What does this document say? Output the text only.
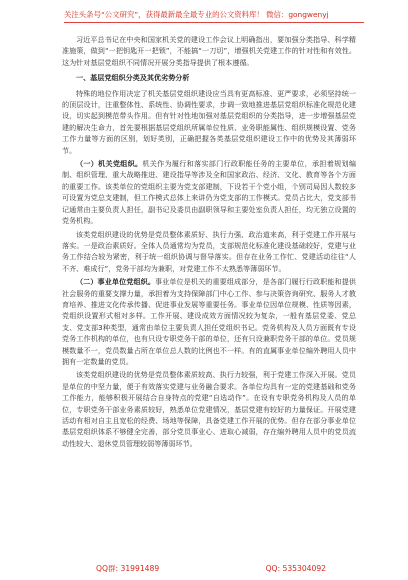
关注头条号“公文研究”，获得最新最全最专业的公文资料库！ 微信：gongwenyj

习近平总书记在中央和国家机关党的建设工作会议上明确指出，要加强分类指导、科学精准施策，做到“一把钥匙开一把锁”，不能搞“一刀切”，增强机关党建工作的针对性和有效性。这为针对基层党组织不同情况开展分类指导提供了根本遵循。

一、基层党组织分类及其优劣势分析

特殊的地位作用决定了机关基层党组织建设应当具有更高标准、更严要求，必须坚持统一的顶层设计，注重整体性、系统性、协调性要求，步调一致地推进基层党组织标准化规范化建设，切实起到模范带头作用。但有针对性地加强对基层党组织的分类指导，进一步增强基层党建的解决生命力，首先要根据基层党组织所属单位性质、业务职能属性、组织规模设置、党务工作力量等方面的区别，划好类别，正确把握各类基层党组织建设工作中的优势及其薄弱环节。

（一）机关党组织。机关作为履行和落实部门行政职能任务的主要单位，承担着规划编制、组织管理、重大战略推进、建设指导等涉及全和国家政治、经济、文化、教育等各个方面的重要工作。该类单位的党组织主要为党支部建制，下设若干个党小组，个别司局因人数较多可设置为党总支建制，但工作模式总体上来讲仍为党支部的工作模式。党员占比大，党支部书记通常由主要负责人担任，副书记及委员由副职领导和主要处室负责人担任，均无独立设置的党务机构。

该类党组织建设的优势是党员整体素质好、执行力强、政治道来高，利于党建工作开展与落实。一是政治素质好。全体人员通常均为党员，支部规范化标准化建设基础较好，党建与业务工作结合较为紧密，利于统一组织协调与督导落实。但存在业务工作忙、党建活动往往“人不齐、难成行”，党务干部均为兼职，对党建工作不太熟悉等薄弱环节。

（二）事业单位党组织。事业单位是机关的重要组成部分，是各部门履行行政职能和提供社会服务的重要支撑力量，承担着为支持保障部门中心工作、参与决策咨询研究、服务人才教育培养、推进文化传承传播、促进事业发展等重要任务。事业单位因单位规模、性质等因素，党组织设置形式相对多样。工作开展、建设成效方面情况较为复杂，一般有基层党委、党总支、党支部3种类型，通常由单位主要负责人担任党组织书记。党务机构及人员方面既有专设党务工作机构的单位，也有只设专职党务干部的单位，还有只设兼职党务干部的单位。党员规模数量不一，党员数量占所在单位总人数的比例也不一样。有的直属事业单位编外聘用人员中拥有一定数量的党员。

该类党组织建设的优势是党员整体素质较高、执行力较强，利于党建工作深入开展。党员是单位的中坚力量，便于有效落实党建与业务融合要求。各单位均具有一定的党建基础和党务工作能力，能够积极开展结合自身特点的党建“自选动作”。在设有专职党务机构及人员的单位，专职党务干部业务素质较好，熟悉单位党建情况，基层党建有较好的力量保证。开展党建活动有相对自主且宽松的经费、场地等保障，具备党建工作开展的优势。但存在部分事业单位基层党组织体系不够健全完善，部分党员事业心、进取心减弱，存在编外聘用人员中的党员流动性较大、退休党员管理较弱等薄弱环节。

QQ群: 31991489	QQ: 535304092
